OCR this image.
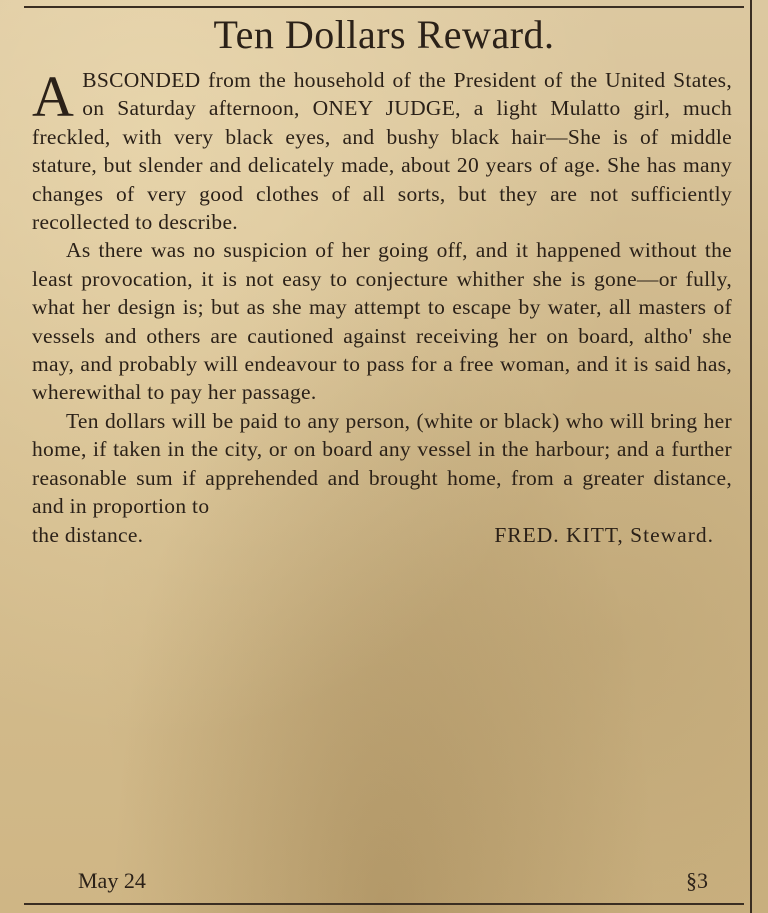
Ten Dollars Reward.

ABSCONDED from the household of the President of the United States, on Saturday afternoon, ONEY JUDGE, a light Mulatto girl, much freckled, with very black eyes, and bushy black hair—She is of middle stature, but slender and delicately made, about 20 years of age. She has many changes of very good clothes of all sorts, but they are not sufficiently recollected to describe.

As there was no suspicion of her going off, and it happened without the least provocation, it is not easy to conjecture whither she is gone—or fully, what her design is; but as she may attempt to escape by water, all masters of vessels and others are cautioned against receiving her on board, altho' she may, and probably will endeavour to pass for a free woman, and it is said has, wherewithal to pay her passage.

Ten dollars will be paid to any person, (white or black) who will bring her home, if taken in the city, or on board any vessel in the harbour; and a further reasonable sum if apprehended and brought home, from a greater distance, and in proportion to

the distance.	FRED. KITT, Steward.
May 24	§3
